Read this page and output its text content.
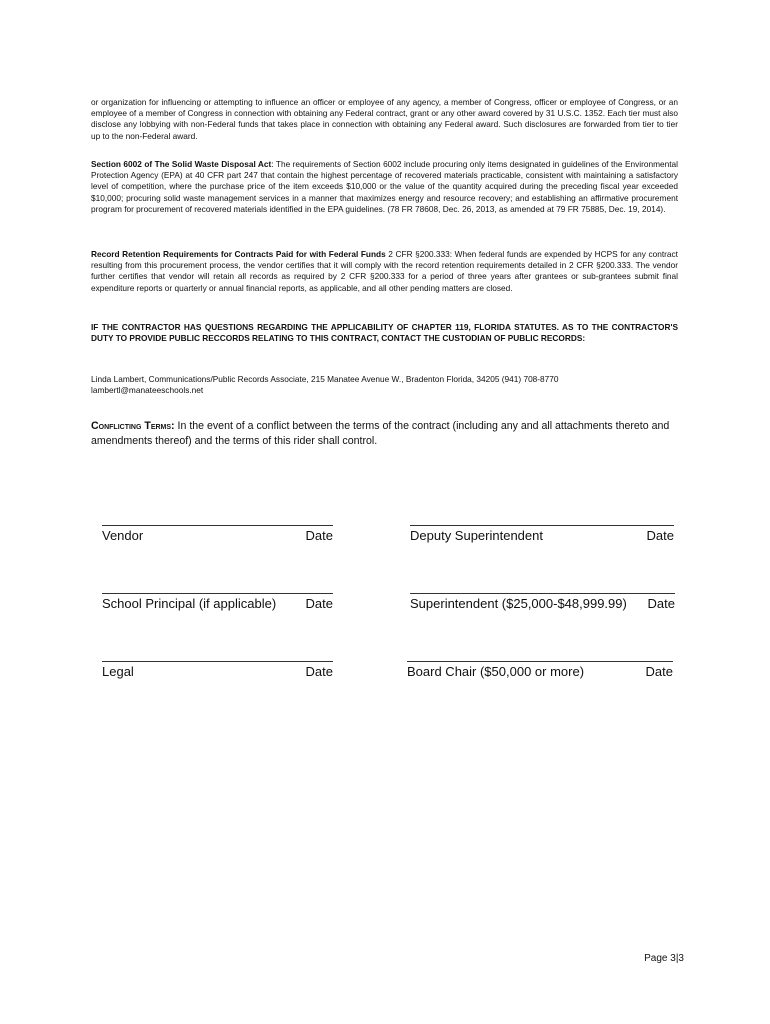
or organization for influencing or attempting to influence an officer or employee of any agency, a member of Congress, officer or employee of Congress, or an employee of a member of Congress in connection with obtaining any Federal contract, grant or any other award covered by 31 U.S.C. 1352. Each tier must also disclose any lobbying with non-Federal funds that takes place in connection with obtaining any Federal award. Such disclosures are forwarded from tier to tier up to the non-Federal award.

Section 6002 of The Solid Waste Disposal Act: The requirements of Section 6002 include procuring only items designated in guidelines of the Environmental Protection Agency (EPA) at 40 CFR part 247 that contain the highest percentage of recovered materials practicable, consistent with maintaining a satisfactory level of competition, where the purchase price of the item exceeds $10,000 or the value of the quantity acquired during the preceding fiscal year exceeded $10,000; procuring solid waste management services in a manner that maximizes energy and resource recovery; and establishing an affirmative procurement program for procurement of recovered materials identified in the EPA guidelines. (78 FR 78608, Dec. 26, 2013, as amended at 79 FR 75885, Dec. 19, 2014).

Record Retention Requirements for Contracts Paid for with Federal Funds 2 CFR §200.333: When federal funds are expended by HCPS for any contract resulting from this procurement process, the vendor certifies that it will comply with the record retention requirements detailed in 2 CFR §200.333. The vendor further certifies that vendor will retain all records as required by 2 CFR §200.333 for a period of three years after grantees or sub-grantees submit final expenditure reports or quarterly or annual financial reports, as applicable, and all other pending matters are closed.

IF THE CONTRACTOR HAS QUESTIONS REGARDING THE APPLICABILITY OF CHAPTER 119, FLORIDA STATUTES. AS TO THE CONTRACTOR'S DUTY TO PROVIDE PUBLIC RECCORDS RELATING TO THIS CONTRACT, CONTACT THE CUSTODIAN OF PUBLIC RECORDS:

Linda Lambert, Communications/Public Records Associate, 215 Manatee Avenue W., Bradenton Florida, 34205 (941) 708-8770
lambertl@manateeschools.net

Conflicting Terms: In the event of a conflict between the terms of the contract (including any and all attachments thereto and amendments thereof) and the terms of this rider shall control.

Vendor	Date	Deputy Superintendent	Date
School Principal (if applicable) Date	Superintendent ($25,000-$48,999.99) Date
Legal	Date	Board Chair ($50,000 or more)	Date
Page 3|3
